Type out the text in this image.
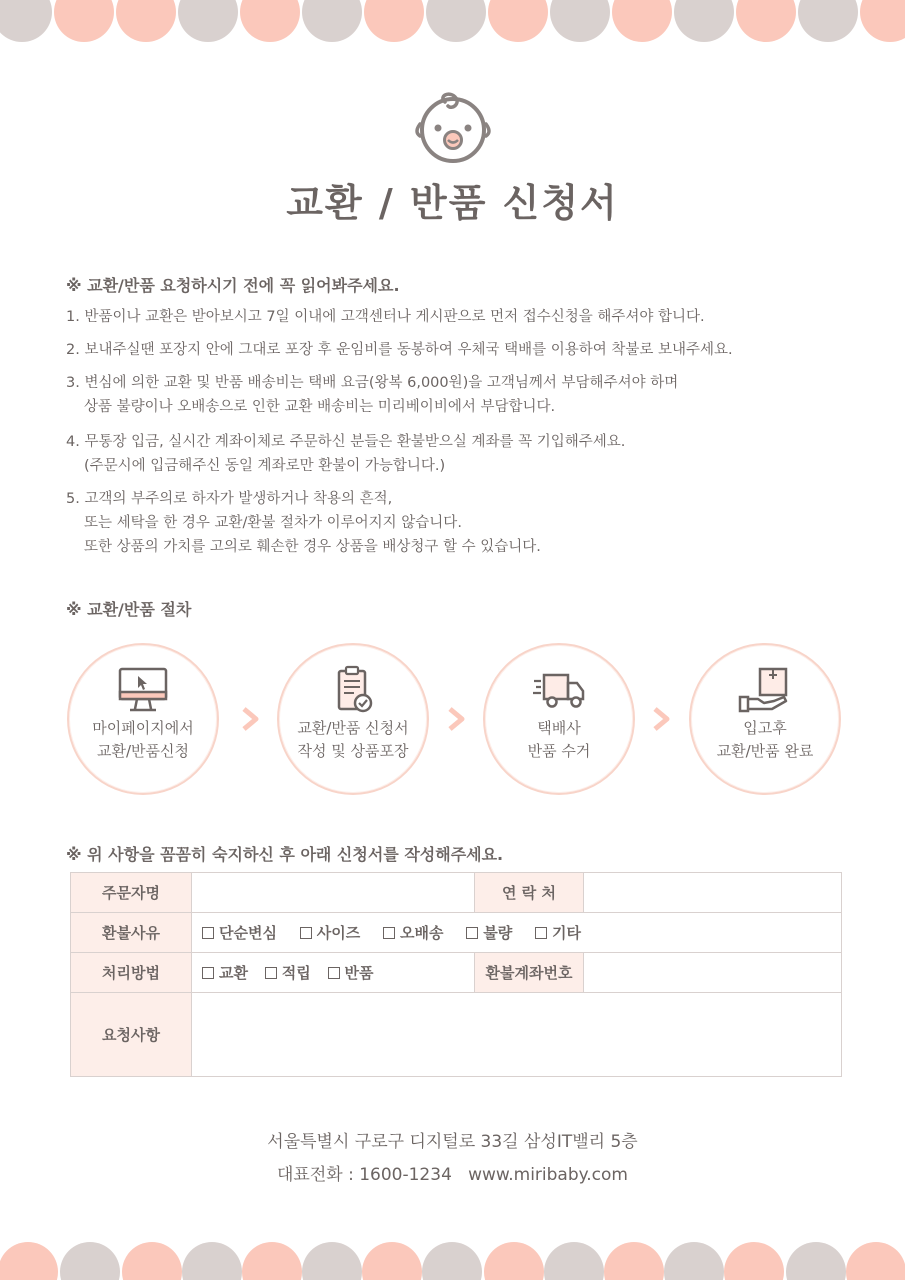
교환 / 반품 신청서
※ 교환/반품 요청하시기 전에 꼭 읽어봐주세요.
1. 반품이나 교환은 받아보시고 7일 이내에 고객센터나 게시판으로 먼저 접수신청을 해주셔야 합니다.
2. 보내주실땐 포장지 안에 그대로 포장 후 운임비를 동봉하여 우체국 택배를 이용하여 착불로 보내주세요.
3. 변심에 의한 교환 및 반품 배송비는 택배 요금(왕복 6,000원)을 고객님께서 부담해주셔야 하며
상품 불량이나 오배송으로 인한 교환 배송비는 미리베이비에서 부담합니다.
4. 무통장 입금, 실시간 계좌이체로 주문하신 분들은 환불받으실 계좌를 꼭 기입해주세요.
(주문시에 입금해주신 동일 계좌로만 환불이 가능합니다.)
5. 고객의 부주의로 하자가 발생하거나 착용의 흔적,
또는 세탁을 한 경우 교환/환불 절차가 이루어지지 않습니다.
또한 상품의 가치를 고의로 훼손한 경우 상품을 배상청구 할 수 있습니다.
※ 교환/반품 절차
마이페이지에서
교환/반품신청
교환/반품 신청서
작성 및 상품포장
택배사
반품 수거
입고후
교환/반품 완료
※ 위 사항을 꼼꼼히 숙지하신 후 아래 신청서를 작성해주세요.
주문자명		연 락 처	
환불사유	단순변심 사이즈 오배송 불량 기타		
처리방법	교환 적립 반품	환불계좌번호	
요청사항			
서울특별시 구로구 디지털로 33길 삼성IT밸리 5층
대표전화 : 1600-1234   www.miribaby.com
